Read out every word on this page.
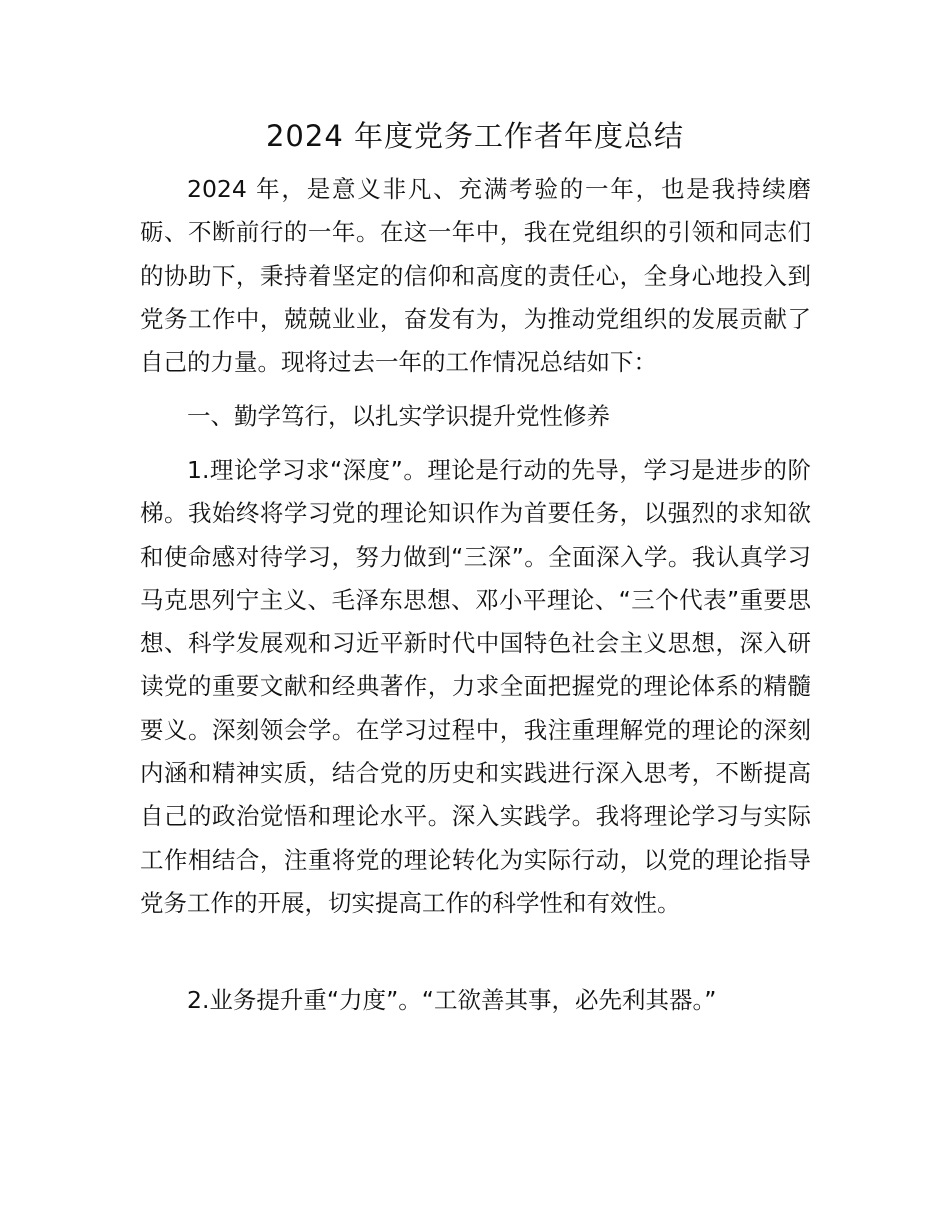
2024 年度党务工作者年度总结

2024 年，是意义非凡、充满考验的一年，也是我持续磨砺、不断前行的一年。在这一年中，我在党组织的引领和同志们的协助下，秉持着坚定的信仰和高度的责任心，全身心地投入到党务工作中，兢兢业业，奋发有为，为推动党组织的发展贡献了自己的力量。现将过去一年的工作情况总结如下：

一、勤学笃行，以扎实学识提升党性修养

1.理论学习求“深度”。理论是行动的先导，学习是进步的阶梯。我始终将学习党的理论知识作为首要任务，以强烈的求知欲和使命感对待学习，努力做到“三深”。全面深入学。我认真学习马克思列宁主义、毛泽东思想、邓小平理论、“三个代表”重要思想、科学发展观和习近平新时代中国特色社会主义思想，深入研读党的重要文献和经典著作，力求全面把握党的理论体系的精髓要义。深刻领会学。在学习过程中，我注重理解党的理论的深刻内涵和精神实质，结合党的历史和实践进行深入思考，不断提高自己的政治觉悟和理论水平。深入实践学。我将理论学习与实际工作相结合，注重将党的理论转化为实际行动，以党的理论指导党务工作的开展，切实提高工作的科学性和有效性。

2.业务提升重“力度”。“工欲善其事，必先利其器。”
